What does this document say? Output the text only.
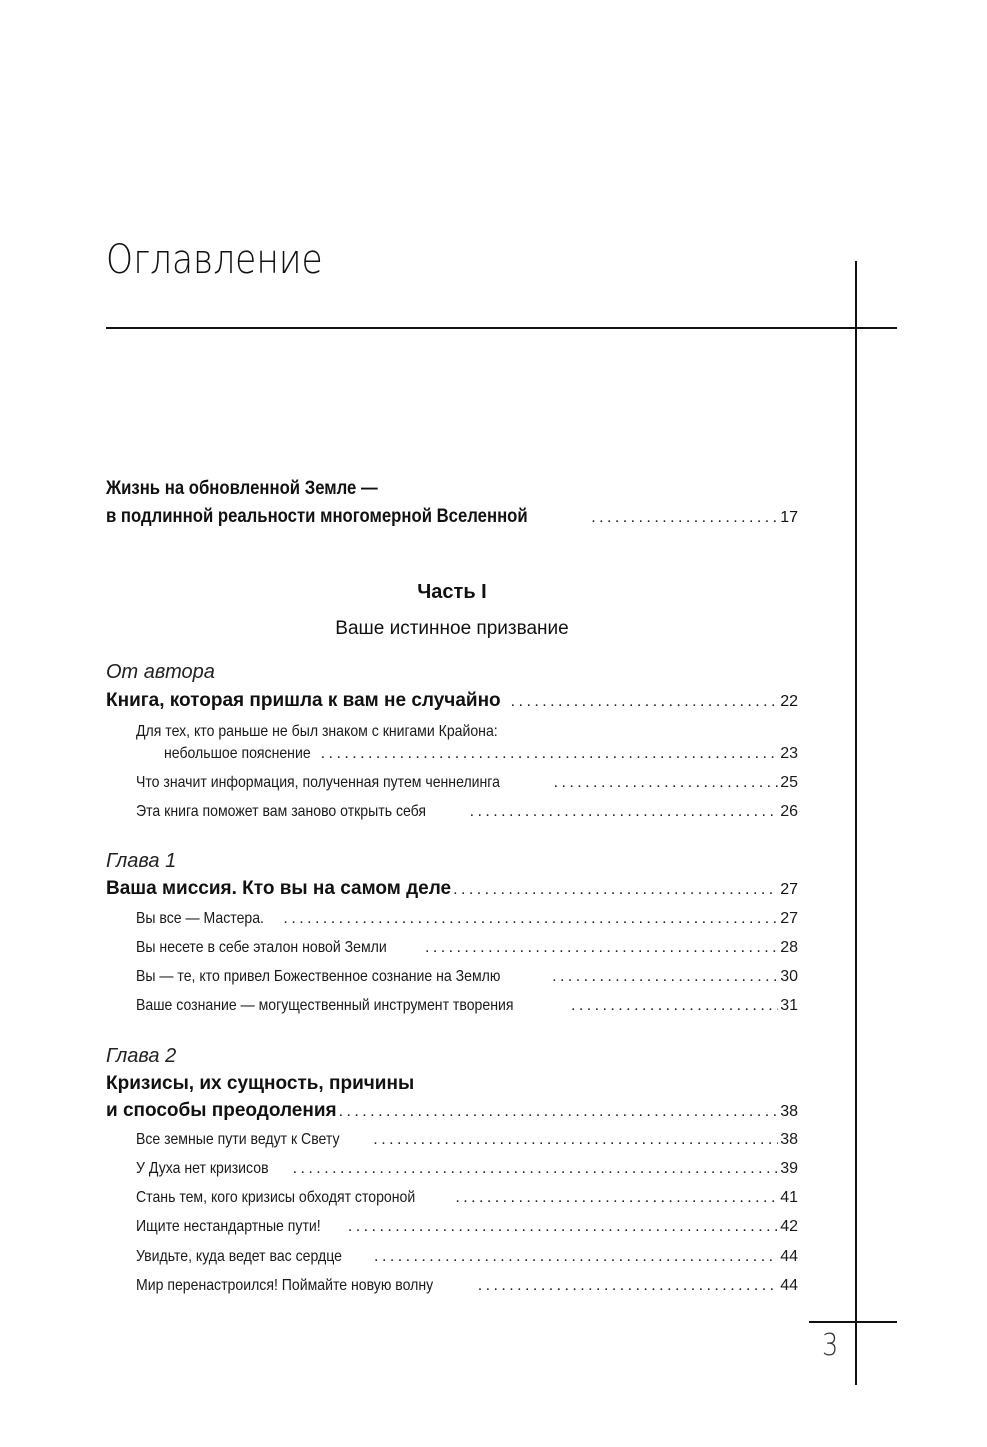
Оглавление
3
Жизнь на обновленной Земле —
в подлинной реальности многомерной Вселенной . . .	17
Часть I
Ваше истинное призвание
От автора
Книга, которая пришла к вам не случайно . . .	22
Для тех, кто раньше не был знаком с книгами Крайона:
небольшое пояснение . . .	23
Что значит информация, полученная путем ченнелинга . . .	25
Эта книга поможет вам заново открыть себя . . .	26
Глава 1
Ваша миссия. Кто вы на самом деле . . .	27
Вы все — Мастера. . . .	27
Вы несете в себе эталон новой Земли . . .	28
Вы — те, кто привел Божественное сознание на Землю . . .	30
Ваше сознание — могущественный инструмент творения . . .	31
Глава 2
Кризисы, их сущность, причины
и способы преодоления . . .	38
Все земные пути ведут к Свету . . .	38
У Духа нет кризисов . . .	39
Стань тем, кого кризисы обходят стороной . . .	41
Ищите нестандартные пути! . . .	42
Увидьте, куда ведет вас сердце . . .	44
Мир перенастроился! Поймайте новую волну . . .	44
